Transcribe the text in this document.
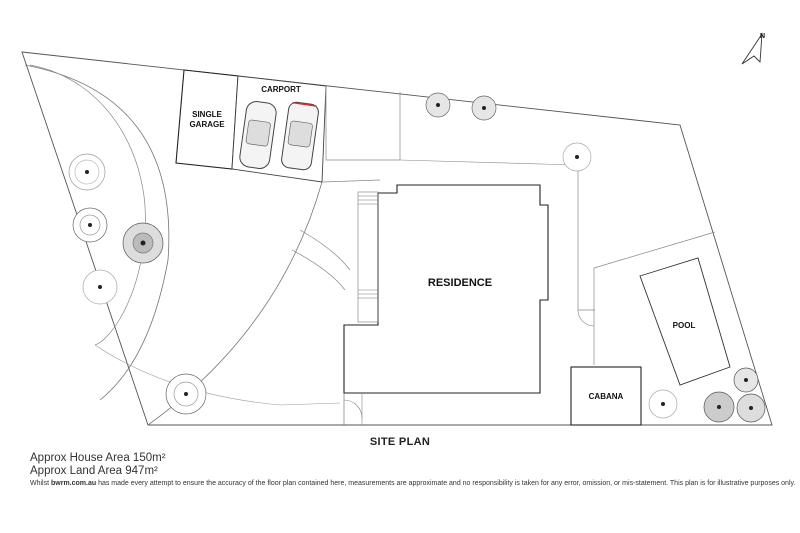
N
SINGLE
GARAGE
CARPORT
RESIDENCE
POOL
CABANA
SITE PLAN
Approx House Area 150m²
Approx Land Area 947m²
Whilst bwrm.com.au has made every attempt to ensure the accuracy of the floor plan contained here, measurements are approximate and no responsibility is taken for any error, omission, or mis-statement. This plan is for illustrative purposes only.
